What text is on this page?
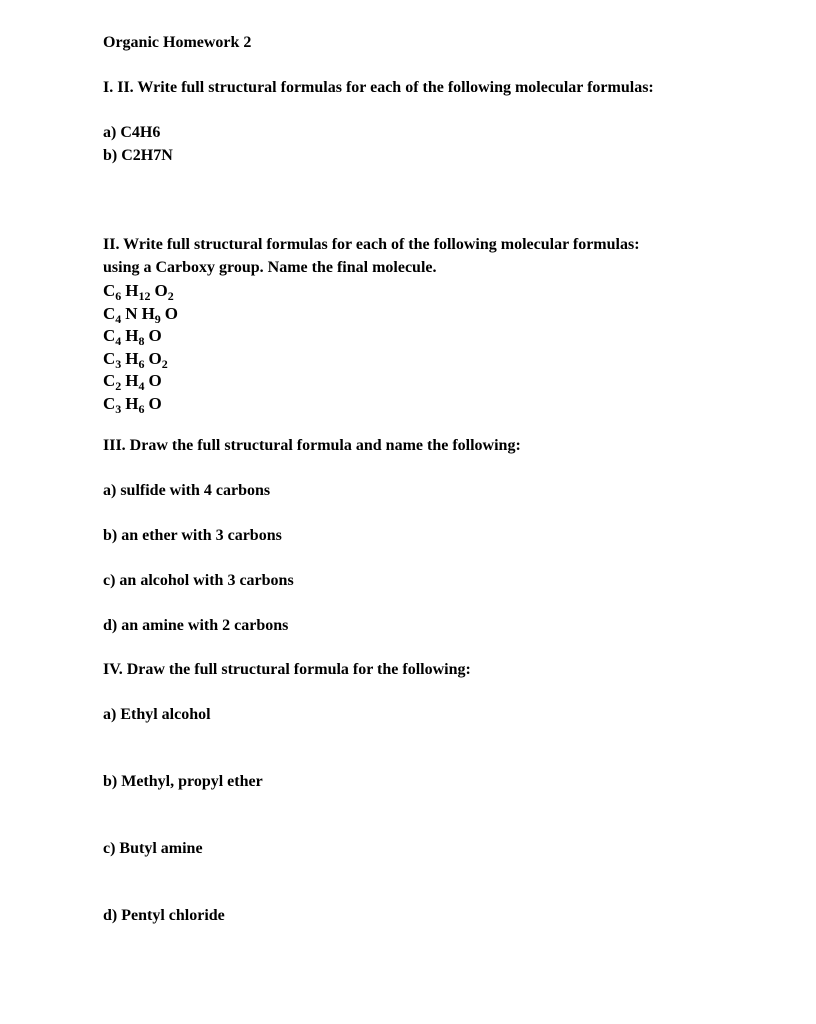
Organic Homework 2
I. II. Write full structural formulas for each of the following molecular formulas:
a) C4H6
b) C2H7N
II. Write full structural formulas for each of the following molecular formulas:
using a Carboxy group. Name the final molecule.
$C_6$ $H_{12}$ $O_2$
$C_4$ N $H_9$ O
$C_4$ $H_8$ O
$C_3$ $H_6$ $O_2$
$C_2$ $H_4$ O
$C_3$ $H_6$ O
III. Draw the full structural formula and name the following:
a) sulfide with 4 carbons
b) an ether with 3 carbons
c) an alcohol with 3 carbons
d) an amine with 2 carbons
IV. Draw the full structural formula for the following:
a) Ethyl alcohol
b) Methyl, propyl ether
c) Butyl amine
d) Pentyl chloride
